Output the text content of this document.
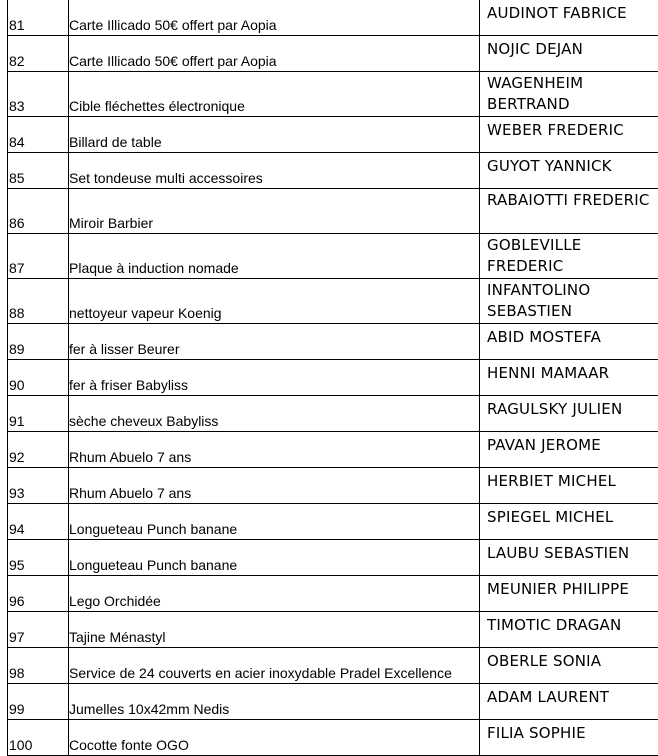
81	Carte Illicado 50€ offert par Aopia	AUDINOT FABRICE
82	Carte Illicado 50€ offert par Aopia	NOJIC DEJAN
83	Cible fléchettes électronique	WAGENHEIM BERTRAND
84	Billard de table	WEBER FREDERIC
85	Set tondeuse multi accessoires	GUYOT YANNICK
86	Miroir Barbier	RABAIOTTI FREDERIC
87	Plaque à induction nomade	GOBLEVILLE FREDERIC
88	nettoyeur vapeur Koenig	INFANTOLINO SEBASTIEN
89	fer à lisser Beurer	ABID MOSTEFA
90	fer à friser Babyliss	HENNI MAMAAR
91	sèche cheveux Babyliss	RAGULSKY JULIEN
92	Rhum Abuelo 7 ans	PAVAN JEROME
93	Rhum Abuelo 7 ans	HERBIET MICHEL
94	Longueteau Punch banane	SPIEGEL MICHEL
95	Longueteau Punch banane	LAUBU SEBASTIEN
96	Lego Orchidée	MEUNIER PHILIPPE
97	Tajine Ménastyl	TIMOTIC DRAGAN
98	Service de 24 couverts en acier inoxydable Pradel Excellence	OBERLE SONIA
99	Jumelles 10x42mm Nedis	ADAM LAURENT
100	Cocotte fonte OGO	FILIA SOPHIE
